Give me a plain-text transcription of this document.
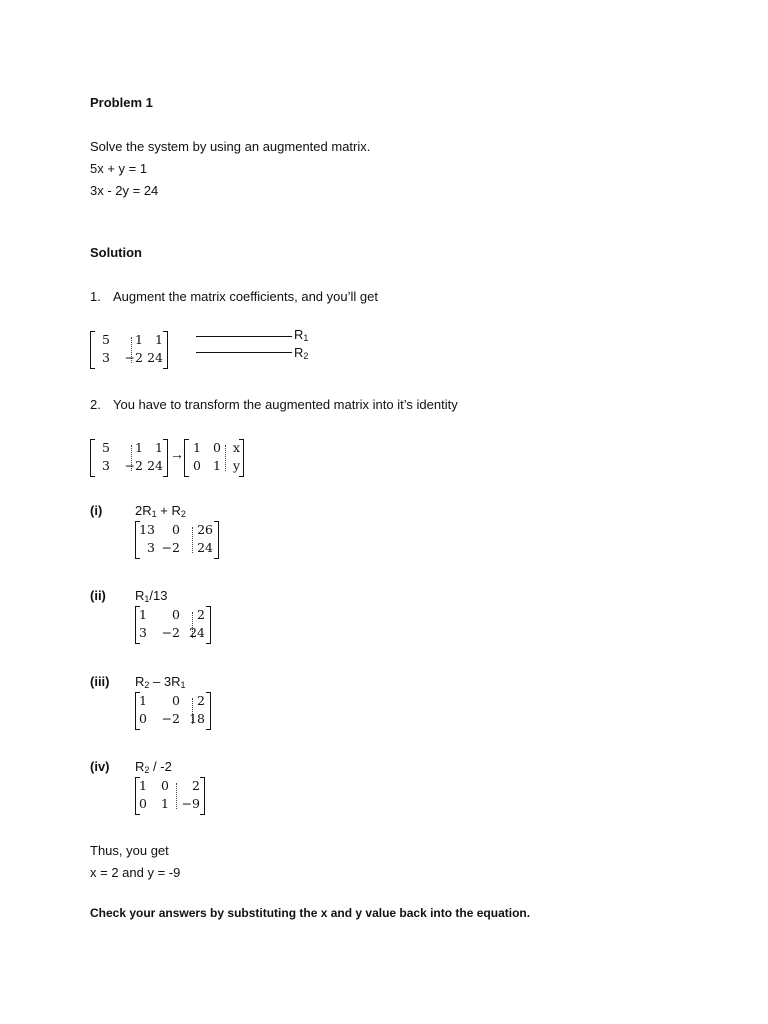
Problem 1
Solve the system by using an augmented matrix.
5x + y = 1
3x - 2y = 24
Solution
1. Augment the matrix coefficients, and you’ll get
5	1 1
3	−2 24
$R_1$
$R_2$
2. You have to transform the augmented matrix into it’s identity
5	1 1
3	−2 24
→ 1 0 x
0 1 y
(i)	$2R_1 + R_2$
13	0	26
3 −2	24
(ii) $R_1/13$
1	0	2
3	−2 24
(iii) $R_2 - 3R_1$
1	0	2
0	−2 18
(iv) $R_2 / -2$
1	0	2
0	1	−9
Thus, you get
x = 2 and y = -9
Check your answers by substituting the x and y value back into the equation.
